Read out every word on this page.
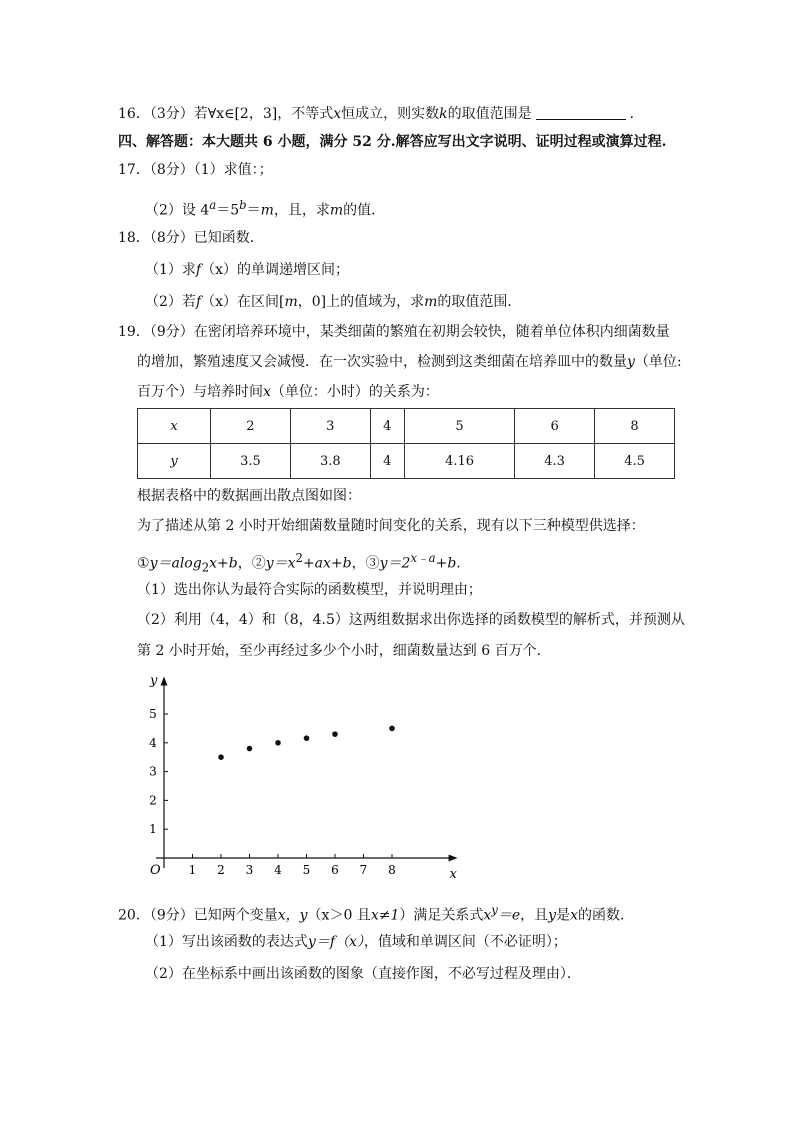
16．（3分）若∀x∈[2，3]，不等式x恒成立，则实数k的取值范围是	．
四、解答题：本大题共 6 小题，满分 52 分.解答应写出文字说明、证明过程或演算过程.
17．（8分）（1）求值：；
（2）设 $4^a=5^b=m$，且，求m的值．
18．（8分）已知函数．
（1）求f（x）的单调递增区间；
（2）若f（x）在区间[m，0]上的值域为，求m的取值范围．
19．（9分）在密闭培养环境中，某类细菌的繁殖在初期会较快，随着单位体积内细菌数量
的增加，繁殖速度又会减慢．在一次实验中，检测到这类细菌在培养皿中的数量y（单位:
百万个）与培养时间x（单位：小时）的关系为：
x	2	3	4	5	6	8
y	3.5	3.8	4	4.16	4.3	4.5
根据表格中的数据画出散点图如图：
为了描述从第 2 小时开始细菌数量随时间变化的关系，现有以下三种模型供选择：
①y＝alog$_2$x+b，$②y=x^2+ax+b$，$③y=2^{x﹣a}+b$．
（1）选出你认为最符合实际的函数模型，并说明理由；
（2）利用（4，4）和（8，4.5）这两组数据求出你选择的函数模型的解析式，并预测从
第 2 小时开始，至少再经过多少个小时，细菌数量达到 6 百万个．
x
y
O 1 2 3 4 5 6 7 8
1
2
3
4
5
20．（9分）已知两个变量x，y（x＞0 且x≠1）满足关系式$x^y=e$，且y是x的函数．
（1）写出该函数的表达式y＝f（x），值域和单调区间（不必证明）；
（2）在坐标系中画出该函数的图象（直接作图，不必写过程及理由）．
